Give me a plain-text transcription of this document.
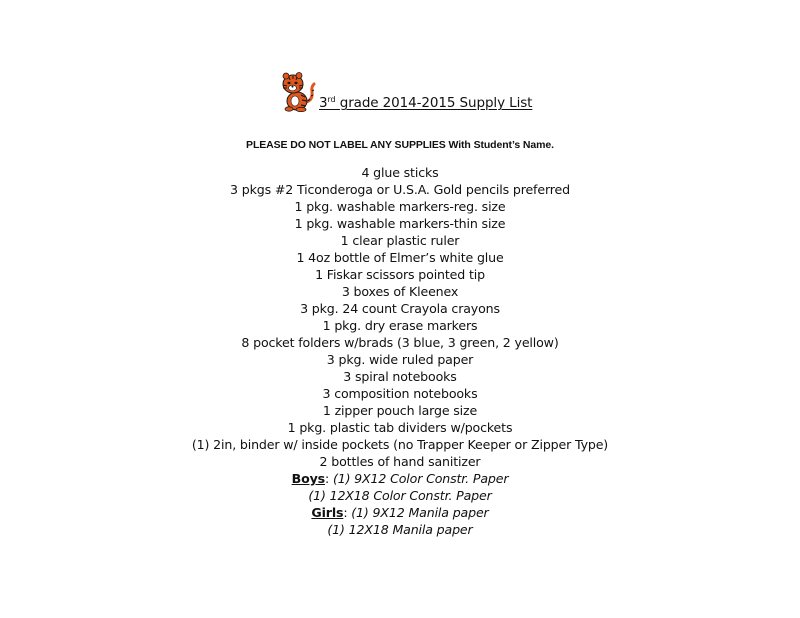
3rd grade 2014-2015 Supply List
PLEASE DO NOT LABEL ANY SUPPLIES With Student’s Name.
4 glue sticks
3 pkgs #2 Ticonderoga or U.S.A. Gold pencils preferred
1 pkg. washable markers-reg. size
1 pkg. washable markers-thin size
1 clear plastic ruler
1 4oz bottle of Elmer’s white glue
1 Fiskar scissors pointed tip
3 boxes of Kleenex
3 pkg. 24 count Crayola crayons
1 pkg. dry erase markers
8 pocket folders w/brads (3 blue, 3 green, 2 yellow)
3 pkg. wide ruled paper
3 spiral notebooks
3 composition notebooks
1 zipper pouch large size
1 pkg. plastic tab dividers w/pockets
(1) 2in, binder w/ inside pockets (no Trapper Keeper or Zipper Type)
2 bottles of hand sanitizer
Boys: (1) 9X12 Color Constr. Paper
(1) 12X18 Color Constr. Paper
Girls: (1) 9X12 Manila paper
(1) 12X18 Manila paper
